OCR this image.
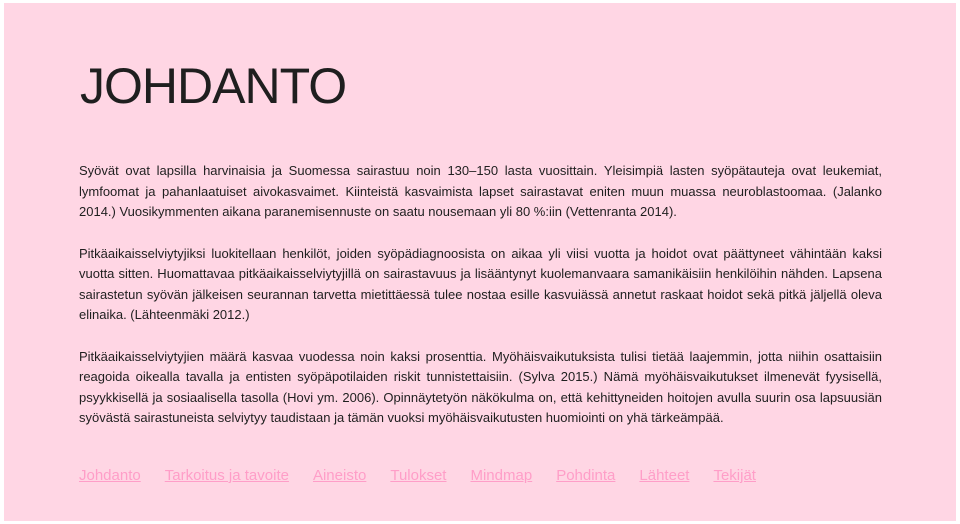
JOHDANTO

Syövät ovat lapsilla harvinaisia ja Suomessa sairastuu noin 130–150 lasta vuosittain. Yleisimpiä lasten syöpätauteja ovat leukemiat, lymfoomat ja pahanlaatuiset aivokasvaimet. Kiinteistä kasvaimista lapset sairastavat eniten muun muassa neuroblastoomaa. (Jalanko 2014.) Vuosikymmenten aikana paranemisennuste on saatu nousemaan yli 80 %:iin (Vettenranta 2014).

Pitkäaikaisselviytyjiksi luokitellaan henkilöt, joiden syöpädiagnoosista on aikaa yli viisi vuotta ja hoidot ovat päättyneet vähintään kaksi vuotta sitten. Huomattavaa pitkäaikaisselviytyjillä on sairastavuus ja lisääntynyt kuolemanvaara samanikäisiin henkilöihin nähden. Lapsena sairastetun syövän jälkeisen seurannan tarvetta mietittäessä tulee nostaa esille kasvuiässä annetut raskaat hoidot sekä pitkä jäljellä oleva elinaika. (Lähteenmäki 2012.)

Pitkäaikaisselviytyjien määrä kasvaa vuodessa noin kaksi prosenttia. Myöhäisvaikutuksista tulisi tietää laajemmin, jotta niihin osattaisiin reagoida oikealla tavalla ja entisten syöpäpotilaiden riskit tunnistettaisiin. (Sylva 2015.) Nämä myöhäisvaikutukset ilmenevät fyysisellä, psyykkisellä ja sosiaalisella tasolla (Hovi ym. 2006). Opinnäytetyön näkökulma on, että kehittyneiden hoitojen avulla suurin osa lapsuusiän syövästä sairastuneista selviytyy taudistaan ja tämän vuoksi myöhäisvaikutusten huomiointi on yhä tärkeämpää.

Johdanto Tarkoitus ja tavoite Aineisto Tulokset Mindmap Pohdinta Lähteet Tekijät
